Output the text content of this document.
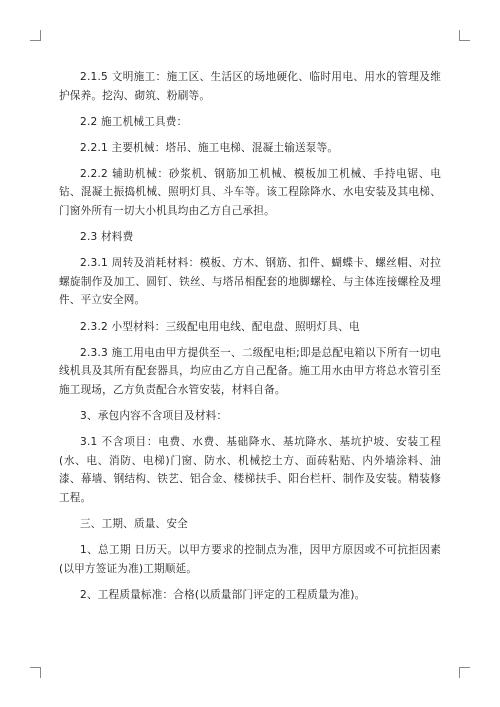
2.1.5 文明施工：施工区、生活区的场地硬化、临时用电、用水的管理及维护保养。挖沟、砌筑、粉刷等。

2.2 施工机械工具费：

2.2.1 主要机械：塔吊、施工电梯、混凝土输送泵等。

2.2.2 辅助机械：砂浆机、钢筋加工机械、模板加工机械、手持电锯、电钻、混凝土振捣机械、照明灯具、斗车等。该工程除降水、水电安装及其电梯、门窗外所有一切大小机具均由乙方自己承担。

2.3 材料费

2.3.1 周转及消耗材料：模板、方木、钢筋、扣件、蝴蝶卡、螺丝帽、对拉螺旋制作及加工、圆钉、铁丝、与塔吊相配套的地脚螺栓、与主体连接螺栓及埋件、平立安全网。

2.3.2 小型材料：三级配电用电线、配电盘、照明灯具、电

2.3.3 施工用电由甲方提供至一、二级配电柜;即是总配电箱以下所有一切电线机具及其所有配套器具，均应由乙方自己配备。施工用水由甲方将总水管引至施工现场，乙方负责配合水管安装，材料自备。

3、承包内容不含项目及材料：

3.1 不含项目：电费、水费、基础降水、基坑降水、基坑护坡、安装工程(水、电、消防、电梯)门窗、防水、机械挖土方、面砖粘贴、内外墙涂料、油漆、幕墙、钢结构、铁艺、铝合金、楼梯扶手、阳台栏杆、制作及安装。精装修工程。

三、工期、质量、安全

1、总工期 日历天。以甲方要求的控制点为准，因甲方原因或不可抗拒因素(以甲方签证为准)工期顺延。

2、工程质量标准：合格(以质量部门评定的工程质量为准)。
